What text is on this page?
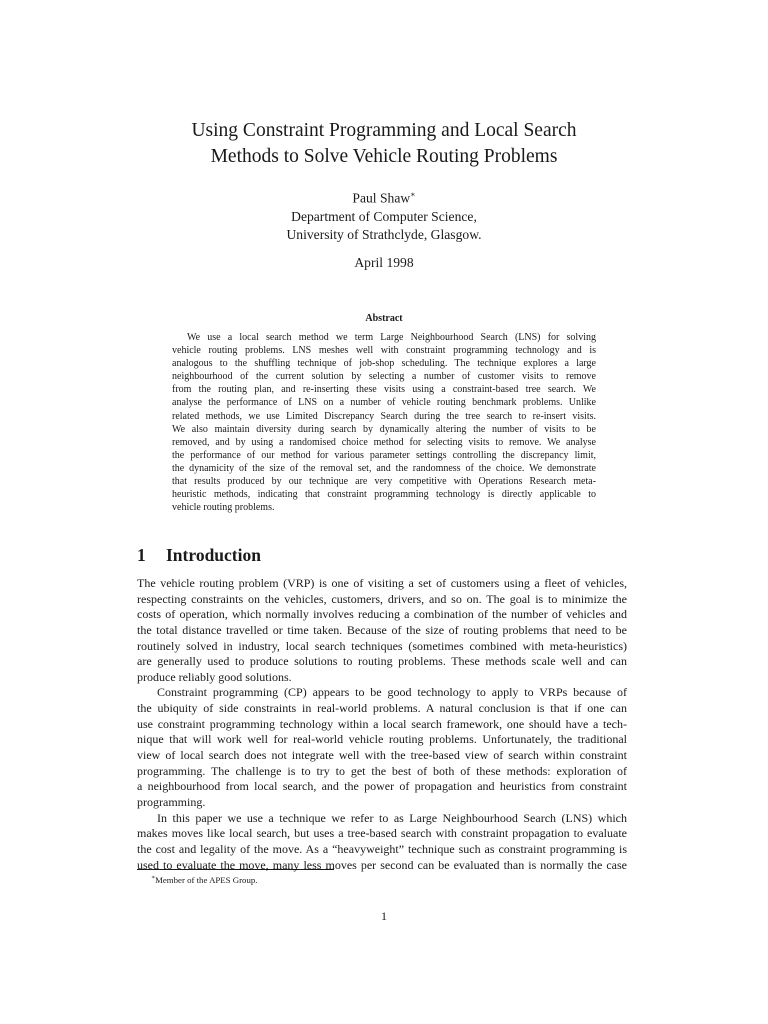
Using Constraint Programming and Local Search
Methods to Solve Vehicle Routing Problems
Paul Shaw∗
Department of Computer Science,
University of Strathclyde, Glasgow.
April 1998
Abstract
We use a local search method we term Large Neighbourhood Search (LNS) for solving
vehicle routing problems. LNS meshes well with constraint programming technology and is
analogous to the shuffling technique of job-shop scheduling. The technique explores a large
neighbourhood of the current solution by selecting a number of customer visits to remove
from the routing plan, and re-inserting these visits using a constraint-based tree search. We
analyse the performance of LNS on a number of vehicle routing benchmark problems. Unlike
related methods, we use Limited Discrepancy Search during the tree search to re-insert visits.
We also maintain diversity during search by dynamically altering the number of visits to be
removed, and by using a randomised choice method for selecting visits to remove. We analyse
the performance of our method for various parameter settings controlling the discrepancy limit,
the dynamicity of the size of the removal set, and the randomness of the choice. We demonstrate
that results produced by our technique are very competitive with Operations Research meta-
heuristic methods, indicating that constraint programming technology is directly applicable to
vehicle routing problems.
1 Introduction
The vehicle routing problem (VRP) is one of visiting a set of customers using a fleet of vehicles,
respecting constraints on the vehicles, customers, drivers, and so on. The goal is to minimize the
costs of operation, which normally involves reducing a combination of the number of vehicles and
the total distance travelled or time taken. Because of the size of routing problems that need to be
routinely solved in industry, local search techniques (sometimes combined with meta-heuristics)
are generally used to produce solutions to routing problems. These methods scale well and can
produce reliably good solutions.
Constraint programming (CP) appears to be good technology to apply to VRPs because of
the ubiquity of side constraints in real-world problems. A natural conclusion is that if one can
use constraint programming technology within a local search framework, one should have a tech-
nique that will work well for real-world vehicle routing problems. Unfortunately, the traditional
view of local search does not integrate well with the tree-based view of search within constraint
programming. The challenge is to try to get the best of both of these methods: exploration of
a neighbourhood from local search, and the power of propagation and heuristics from constraint
programming.
In this paper we use a technique we refer to as Large Neighbourhood Search (LNS) which
makes moves like local search, but uses a tree-based search with constraint propagation to evaluate
the cost and legality of the move. As a “heavyweight” technique such as constraint programming is
used to evaluate the move, many less moves per second can be evaluated than is normally the case
∗Member of the APES Group.
1
